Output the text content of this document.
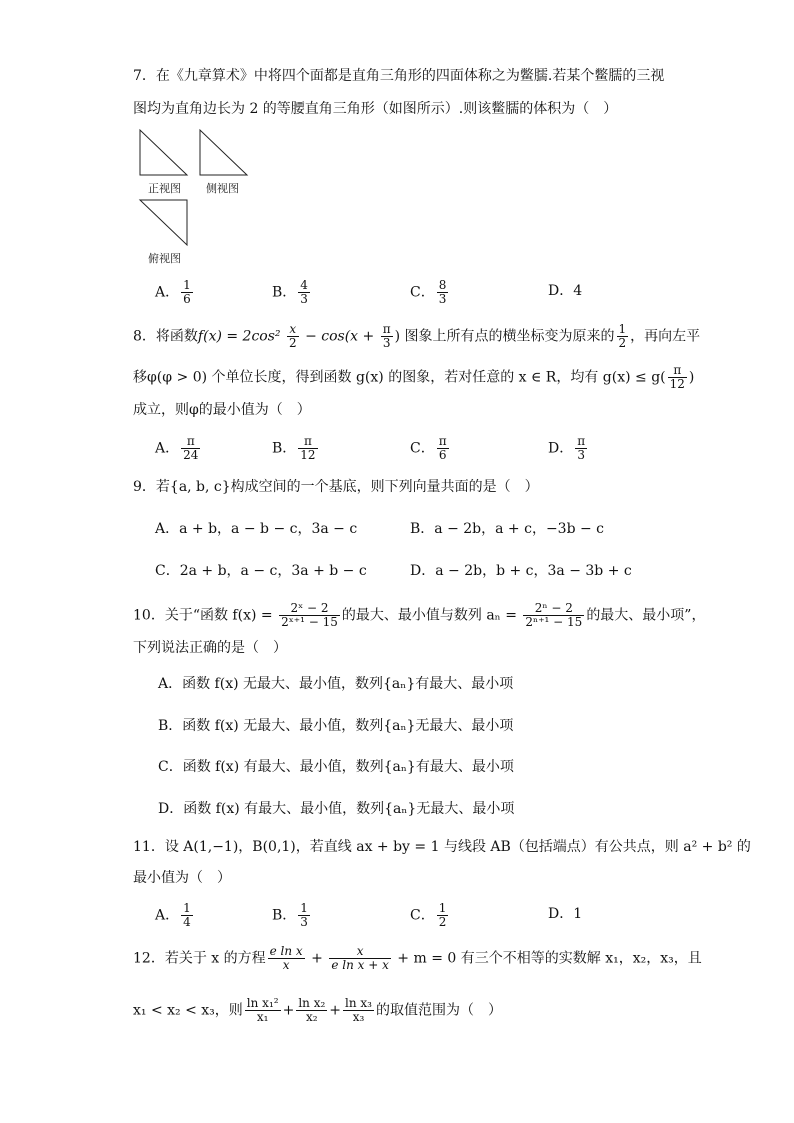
7．在《九章算术》中将四个面都是直角三角形的四面体称之为鳖臑.若某个鳖臑的三视
图均为直角边长为 2 的等腰直角三角形（如图所示）.则该鳖臑的体积为（　）
正视图 侧视图
俯视图
A． $\frac{1}{6}$	B． $\frac{4}{3}$	C． $\frac{8}{3}$	D．4
8．将函数$f(x) = 2\cos^2 \frac{x}{2} - \cos(x + \frac{\pi}{3}$ ) 图象上所有点的横坐标变为原来的 $\frac{1}{2}$ ，再向左平
移φ(φ > 0) 个单位长度，得到函数 g(x) 的图象，若对任意的 x ∈ R，均有 $g(x) \le g( \frac{\pi}{12}$ )
成立，则φ的最小值为（　）
A． $\frac{\pi}{24}$	B． $\frac{\pi}{12}$	C． $\frac{\pi}{6}$	D． $\frac{\pi}{3}$
9．若{a, b, c}构成空间的一个基底，则下列向量共面的是（　）
A．a + b，a − b − c，3a − c	B．a − 2b，a + c，−3b − c
C．2a + b，a − c，3a + b − c	D．a − 2b，b + c，3a − 3b + c
10．关于“函数 $f(x) = \frac{\text{2ˣ − 2}}{\text{2ˣ⁺¹ − 15}}$ 的最大、最小值与数列 $a_n = \frac{\text{2ⁿ − 2}}{\text{2ⁿ⁺¹ − 15}}$ 的最大、最小项”，
下列说法正确的是（　）
A．函数 f(x) 无最大、最小值，数列{aₙ}有最大、最小项
B．函数 f(x) 无最大、最小值，数列{aₙ}无最大、最小项
C．函数 f(x) 有最大、最小值，数列{aₙ}有最大、最小项
D．函数 f(x) 有最大、最小值，数列{aₙ}无最大、最小项
11．设 A(1,−1)，B(0,1)，若直线 ax + by = 1 与线段 AB（包括端点）有公共点，则 a² + b² 的
最小值为（　）
A． $\frac{1}{4}$	B． $\frac{1}{3}$	C． $\frac{1}{2}$	D．1
12．若关于 x 的方程 $\frac{\text{e ln x}}{x} + \frac{x}{\text{e ln x + x}} + m = 0$ 有三个不相等的实数解 x₁，x₂，x₃，且
x₁ < x₂ < x₃，则 $\frac{\text{ln x₁²}}{\text{x₁}} + \frac{\text{ln x₂}}{\text{x₂}} + \frac{\text{ln x₃}}{\text{x₃}}$ 的取值范围为（　）
